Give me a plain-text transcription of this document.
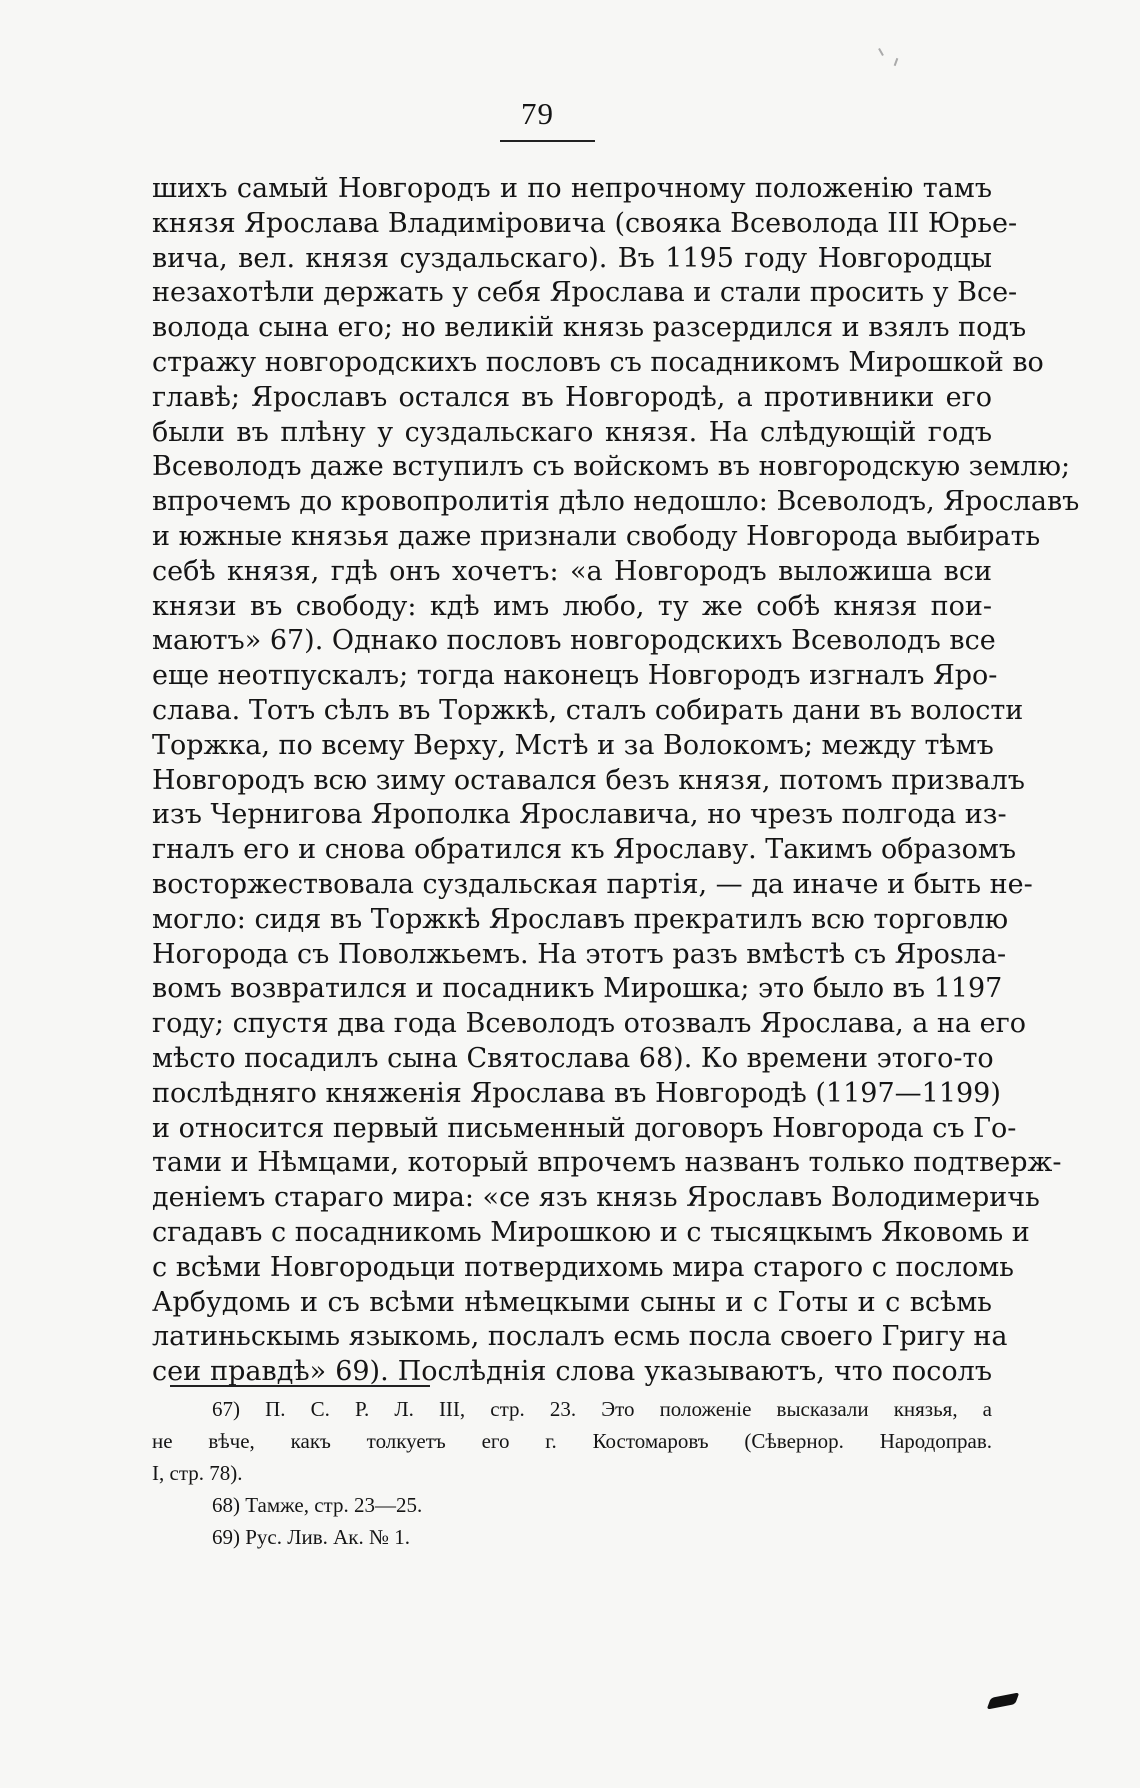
79
шихъ самый Новгородъ и по непрочному положенію тамъ
князя Ярослава Владиміровича (свояка Всеволода III Юрье-
вича, вел. князя суздальскаго). Въ 1195 году Новгородцы
незахотѣли держать у себя Ярослава и стали просить у Все-
волода сына его; но великій князь разсердился и взялъ подъ
стражу новгородскихъ пословъ съ посадникомъ Мирошкой во
главѣ; Ярославъ остался въ Новгородѣ, а противники его
были въ плѣну у суздальскаго князя. На слѣдующій годъ
Всеволодъ даже вступилъ съ войскомъ въ новгородскую землю;
впрочемъ до кровопролитія дѣло недошло: Всеволодъ, Ярославъ
и южные князья даже признали свободу Новгорода выбирать
себѣ князя, гдѣ онъ хочетъ: «а Новгородъ выложиша вси
князи въ свободу: кдѣ имъ любо, ту же собѣ князя пои-
маютъ» 67). Однако пословъ новгородскихъ Всеволодъ все
еще неотпускалъ; тогда наконецъ Новгородъ изгналъ Яро-
слава. Тотъ сѣлъ въ Торжкѣ, сталъ собирать дани въ волости
Торжка, по всему Верху, Мстѣ и за Волокомъ; между тѣмъ
Новгородъ всю зиму оставался безъ князя, потомъ призвалъ
изъ Чернигова Ярополка Ярославича, но чрезъ полгода из-
гналъ его и снова обратился къ Ярославу. Такимъ образомъ
восторжествовала суздальская партія, — да иначе и быть не-
могло: сидя въ Торжкѣ Ярославъ прекратилъ всю торговлю
Ногорода съ Поволжьемъ. На этотъ разъ вмѣстѣ съ Ярosла-
вомъ возвратился и посадникъ Мирошка; это было въ 1197
году; спустя два года Всеволодъ отозвалъ Ярослава, а на его
мѣсто посадилъ сына Святослава 68). Ко времени этого-то
послѣдняго княженія Ярослава въ Новгородѣ (1197—1199)
и относится первый письменный договоръ Новгорода съ Го-
тами и Нѣмцами, который впрочемъ названъ только подтверж-
деніемъ стараго мира: «се язъ князь Ярославъ Володимеричь
сгадавъ с посадникомь Мирошкою и с тысяцкымъ Яковомь и
с всѣми Новгородьци потвердихомь мира старого с посломь
Арбудомь и съ всѣми нѣмецкыми сыны и с Готы и с всѣмь
латиньскымь языкомь, послалъ есмь посла своего Григу на
сеи правдѣ» 69). Послѣднія слова указываютъ, что посолъ
67) П. С. Р. Л. III, стр. 23. Это положеніе высказали князья, а
не вѣче, какъ толкуетъ его г. Костомаровъ (Сѣвернор. Народоправ.
I, стр. 78).
68) Тамже, стр. 23—25.
69) Рус. Лив. Ак. № 1.
